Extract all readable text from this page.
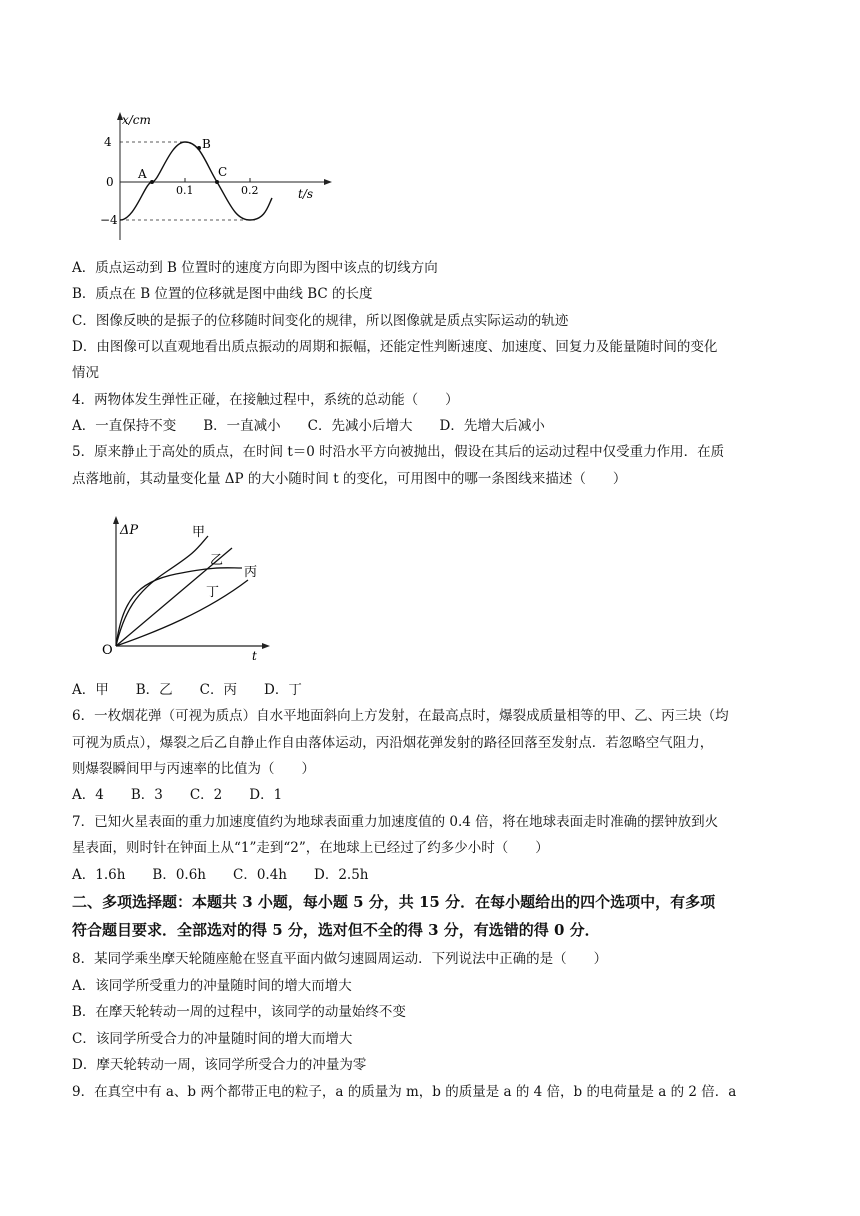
x/cm
t/s
4
0
−4
0.1	0.2
A
B
C
A．质点运动到 B 位置时的速度方向即为图中该点的切线方向
B．质点在 B 位置的位移就是图中曲线 BC 的长度
C．图像反映的是振子的位移随时间变化的规律，所以图像就是质点实际运动的轨迹
D．由图像可以直观地看出质点振动的周期和振幅，还能定性判断速度、加速度、回复力及能量随时间的变化
情况
4．两物体发生弹性正碰，在接触过程中，系统的总动能（　　）
A．一直保持不变　　B．一直减小　　C．先减小后增大　　D．先增大后减小
5．原来静止于高处的质点，在时间 t＝0 时沿水平方向被抛出，假设在其后的运动过程中仅受重力作用．在质
点落地前，其动量变化量 ΔP 的大小随时间 t 的变化，可用图中的哪一条图线来描述（　　）
ΔP
t
O
甲
乙
丙
丁
A．甲　　B．乙　　C．丙　　D．丁
6．一枚烟花弹（可视为质点）自水平地面斜向上方发射，在最高点时，爆裂成质量相等的甲、乙、丙三块（均
可视为质点），爆裂之后乙自静止作自由落体运动，丙沿烟花弹发射的路径回落至发射点．若忽略空气阻力，
则爆裂瞬间甲与丙速率的比值为（　　）
A．4　　B．3　　C．2　　D．1
7．已知火星表面的重力加速度值约为地球表面重力加速度值的 0.4 倍，将在地球表面走时准确的摆钟放到火
星表面，则时针在钟面上从“1”走到“2”，在地球上已经过了约多少小时（　　）
A．1.6h　　B．0.6h　　C．0.4h　　D．2.5h
二、多项选择题：本题共 3 小题，每小题 5 分，共 15 分．在每小题给出的四个选项中，有多项
符合题目要求．全部选对的得 5 分，选对但不全的得 3 分，有选错的得 0 分．
8．某同学乘坐摩天轮随座舱在竖直平面内做匀速圆周运动．下列说法中正确的是（　　）
A．该同学所受重力的冲量随时间的增大而增大
B．在摩天轮转动一周的过程中，该同学的动量始终不变
C．该同学所受合力的冲量随时间的增大而增大
D．摩天轮转动一周，该同学所受合力的冲量为零
9．在真空中有 a、b 两个都带正电的粒子，a 的质量为 m，b 的质量是 a 的 4 倍，b 的电荷量是 a 的 2 倍．a
